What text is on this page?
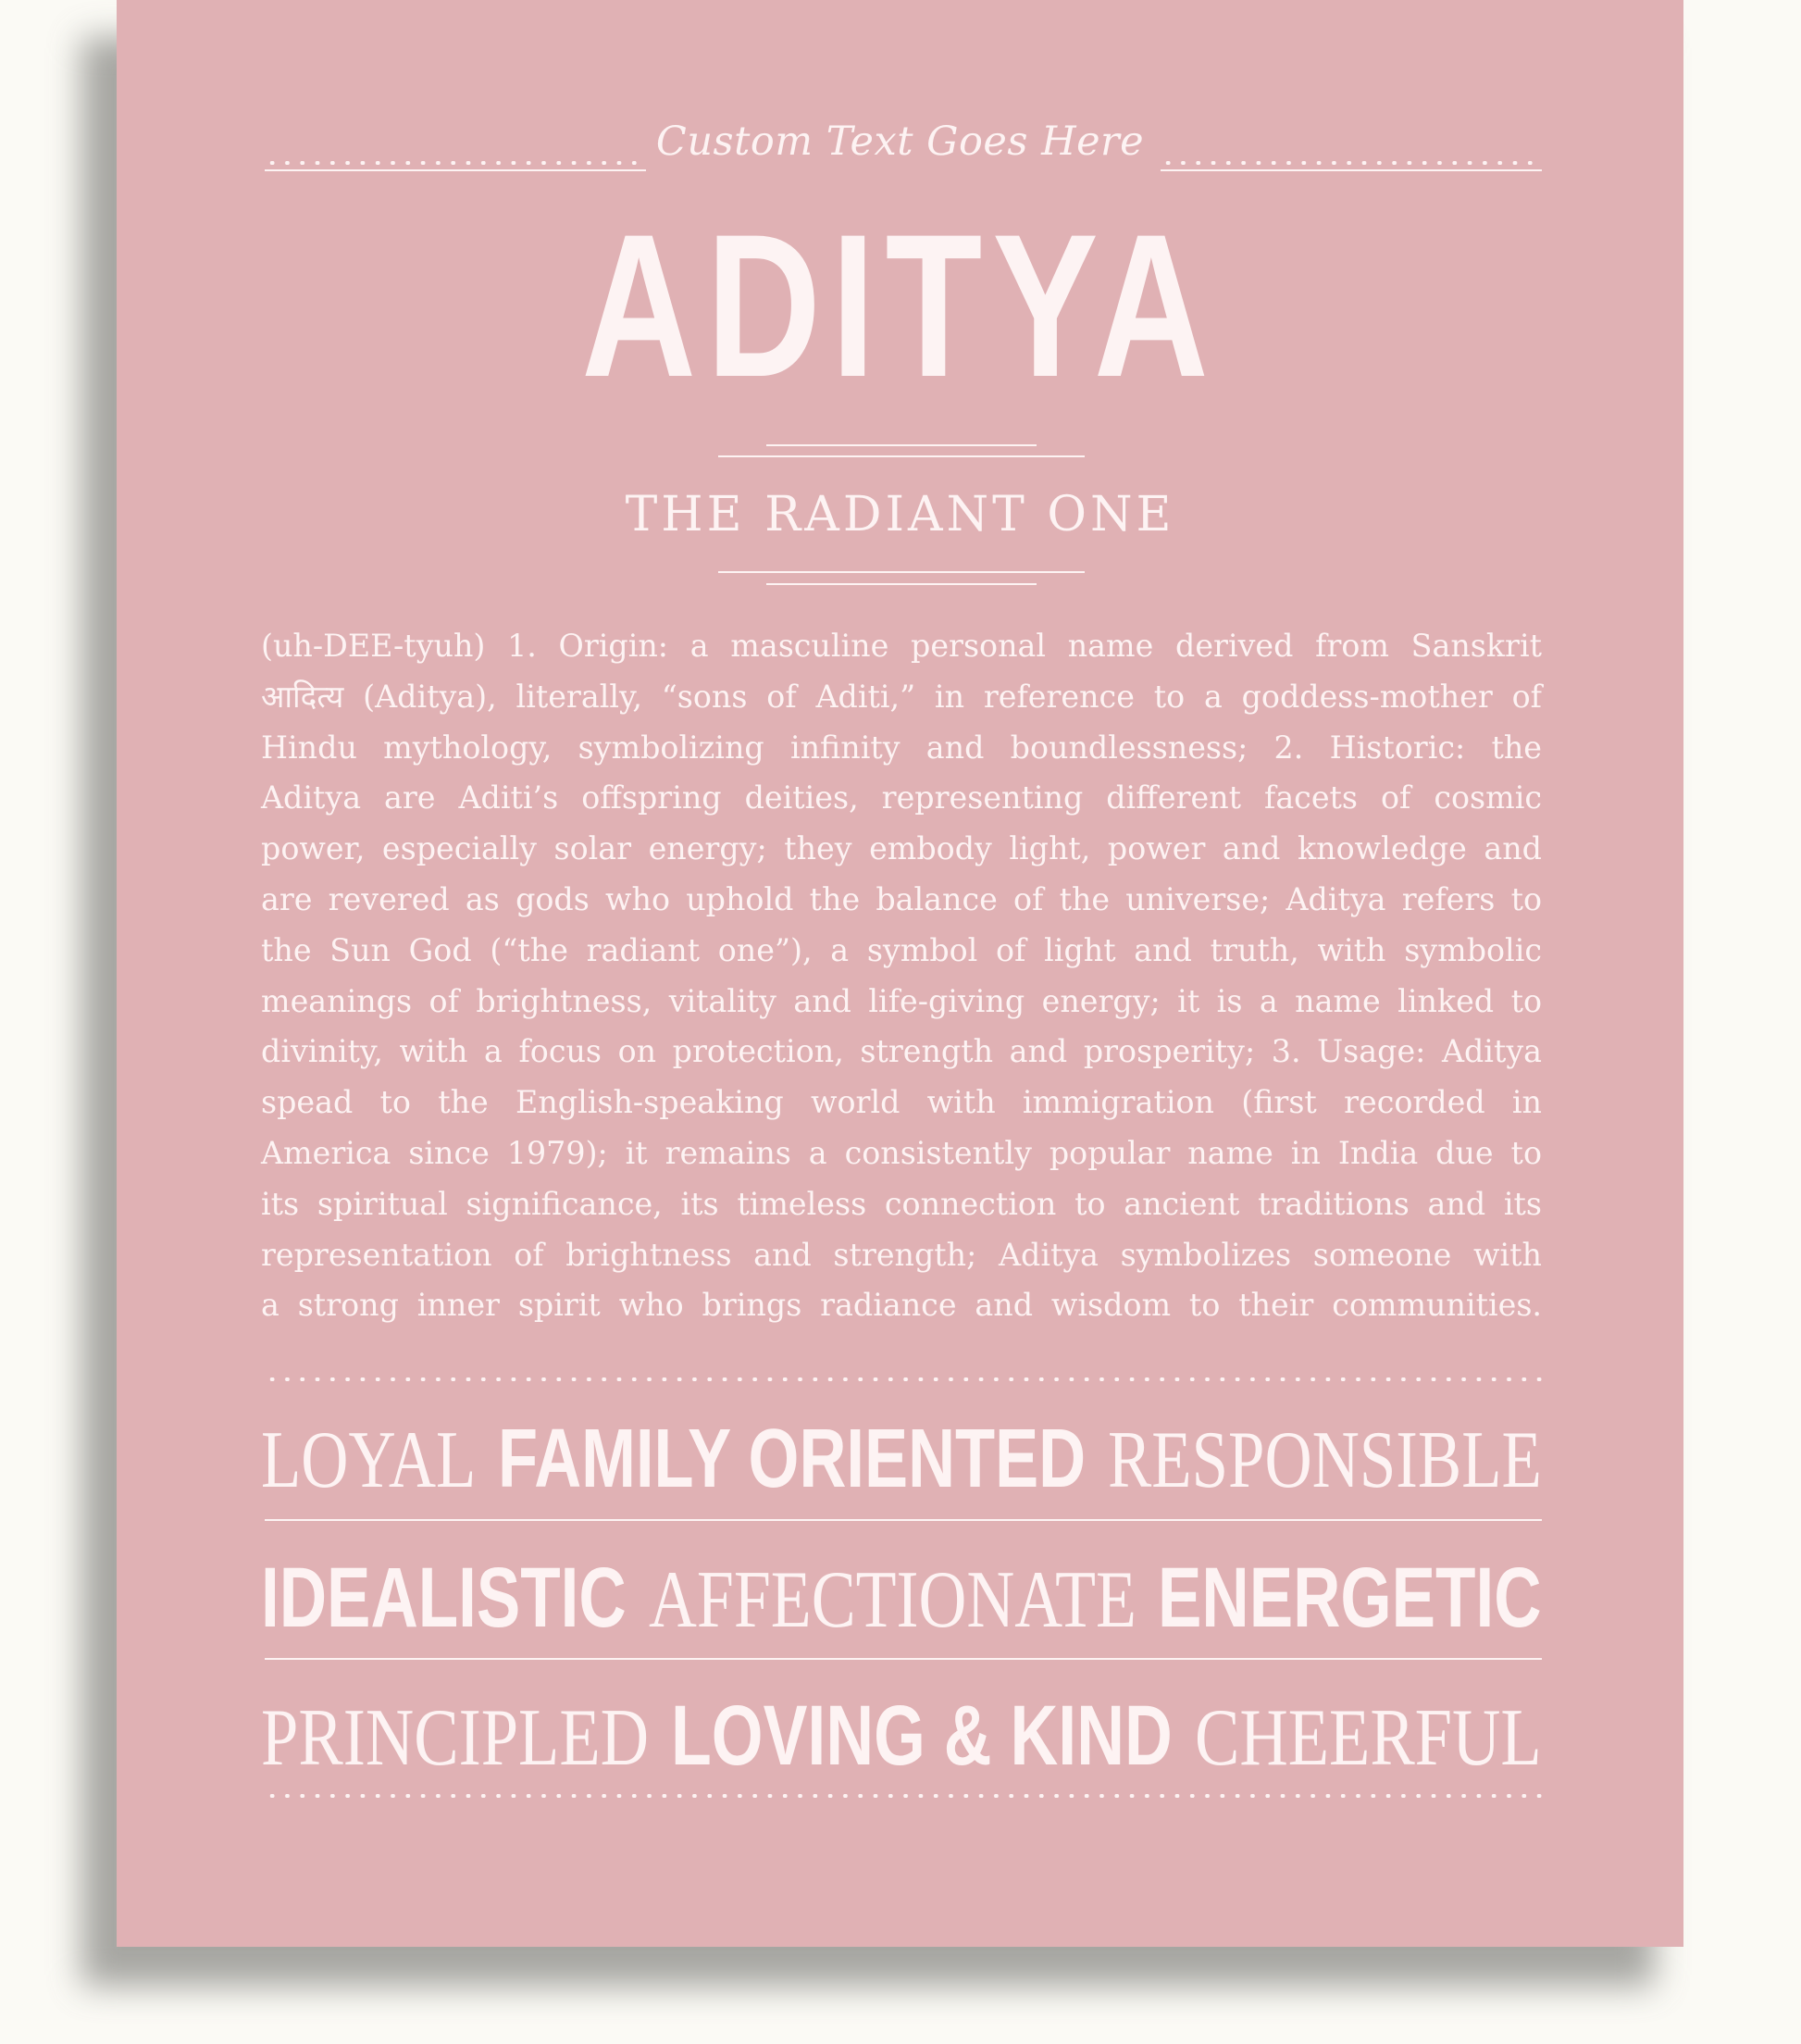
Custom Text Goes Here
ADITYA
THE RADIANT ONE
(uh-DEE-tyuh) 1. Origin: a masculine personal name derived from Sanskrit
आदित्य (Aditya), literally, “sons of Aditi,” in reference to a goddess-mother of
Hindu mythology, symbolizing infinity and boundlessness; 2. Historic: the
Aditya are Aditi’s offspring deities, representing different facets of cosmic
power, especially solar energy; they embody light, power and knowledge and
are revered as gods who uphold the balance of the universe; Aditya refers to
the Sun God (“the radiant one”), a symbol of light and truth, with symbolic
meanings of brightness, vitality and life-giving energy; it is a name linked to
divinity, with a focus on protection, strength and prosperity; 3. Usage: Aditya
spead to the English-speaking world with immigration (first recorded in
America since 1979); it remains a consistently popular name in India due to
its spiritual significance, its timeless connection to ancient traditions and its
representation of brightness and strength; Aditya symbolizes someone with
a strong inner spirit who brings radiance and wisdom to their communities.
LOYAL FAMILY ORIENTED RESPONSIBLE
IDEALISTIC AFFECTIONATE ENERGETIC
PRINCIPLED LOVING & KIND CHEERFUL
